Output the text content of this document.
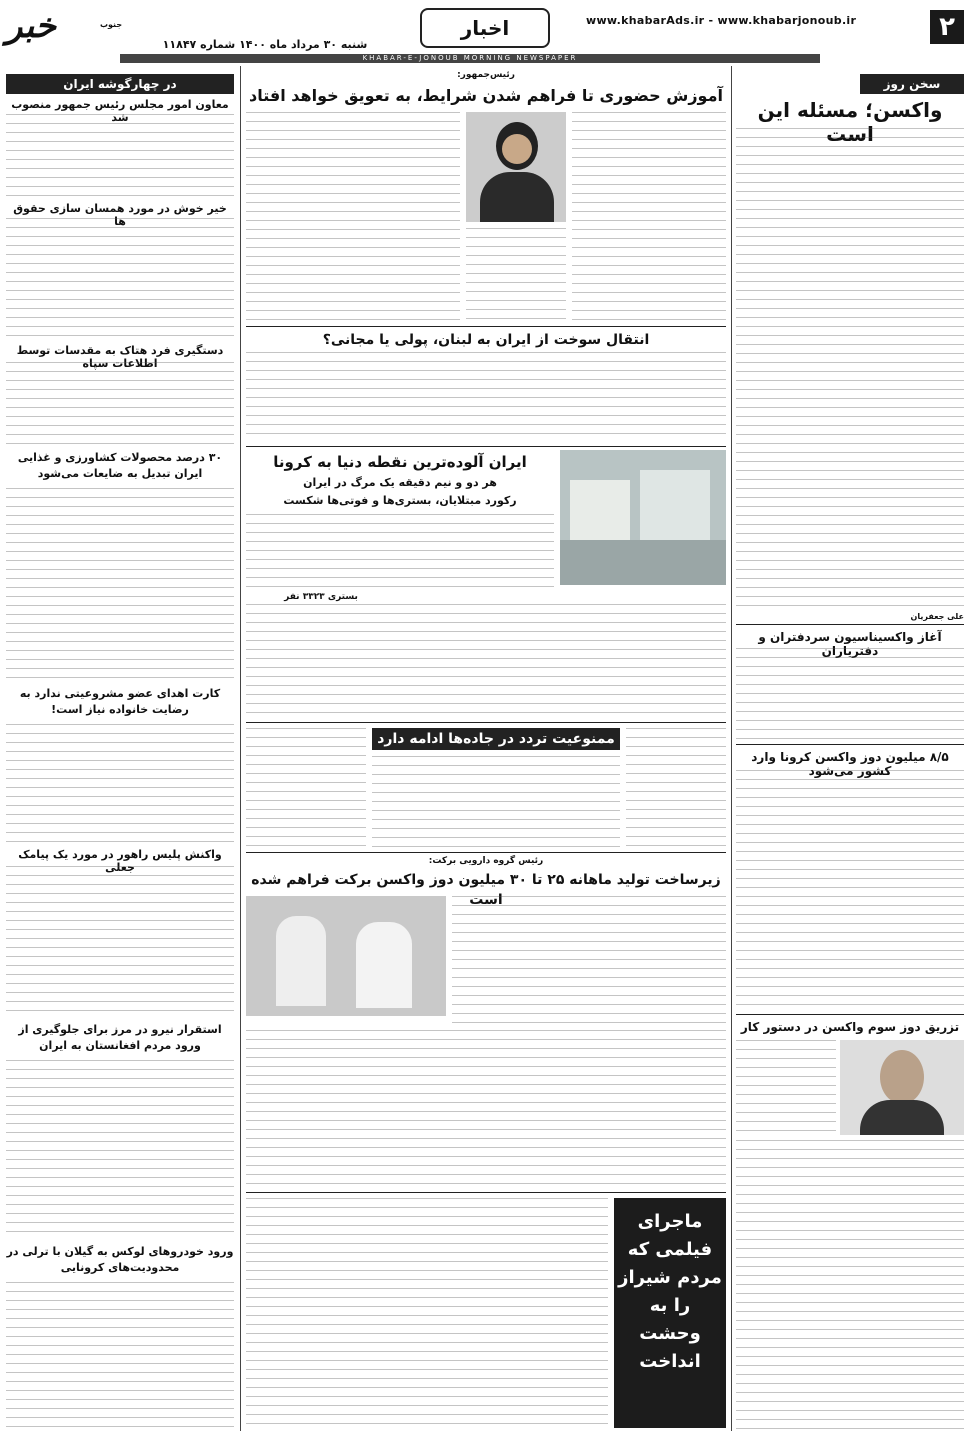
۲
www.khabarAds.ir - www.khabarjonoub.ir
اخبار
خبر	جنوب
شنبه ۳۰ مرداد ماه ۱۴۰۰ شماره ۱۱۸۴۷
KHABAR-E-JONOUB MORNING NEWSPAPER
سخن روز
واکسن؛ مسئله این است
علی جعفریان
آغاز واکسیناسیون سردفتران و دفترياران
۸/۵ میلیون دوز واکسن کرونا وارد کشور می‌شود
تزریق دوز سوم واکسن در دستور کار
در چهارگوشه ایران
معاون امور مجلس رئیس جمهور منصوب شد
خیر خوش در مورد همسان سازی حقوق ها
دستگیری فرد هتاک به مقدسات توسط اطلاعات سپاه
۳۰ درصد محصولات کشاورزی و غذایی ایران تبدیل به ضایعات می‌شود
کارت اهدای عضو مشروعیتی ندارد به رضایت خانواده نیاز است!
واکنش پلیس راهور در مورد یک پیامک جعلی
استقرار نیرو در مرز برای جلوگیری از ورود مردم افغانستان به ایران
ورود خودروهای لوکس به گیلان با ترلی در محدودیت‌های کرونایی
رئیس‌جمهور:
آموزش حضوری تا فراهم شدن شرایط، به تعویق خواهد افتاد
انتقال سوخت از ایران به لبنان، پولی یا مجانی؟
ایران آلوده‌ترین نقطه دنیا به کرونا
هر دو و نیم دقیقه یک مرگ در ایران
رکورد مبتلایان، بستری‌ها و فوتی‌ها شکست
بستری ۳۳۲۳ نفر
ممنوعیت تردد در جاده‌ها ادامه دارد
رئیس گروه دارویی برکت:
زیرساخت تولید ماهانه ۲۵ تا ۳۰ میلیون دوز واکسن برکت فراهم شده است
ماجرای فیلمی که مردم شیراز را به وحشت انداخت
